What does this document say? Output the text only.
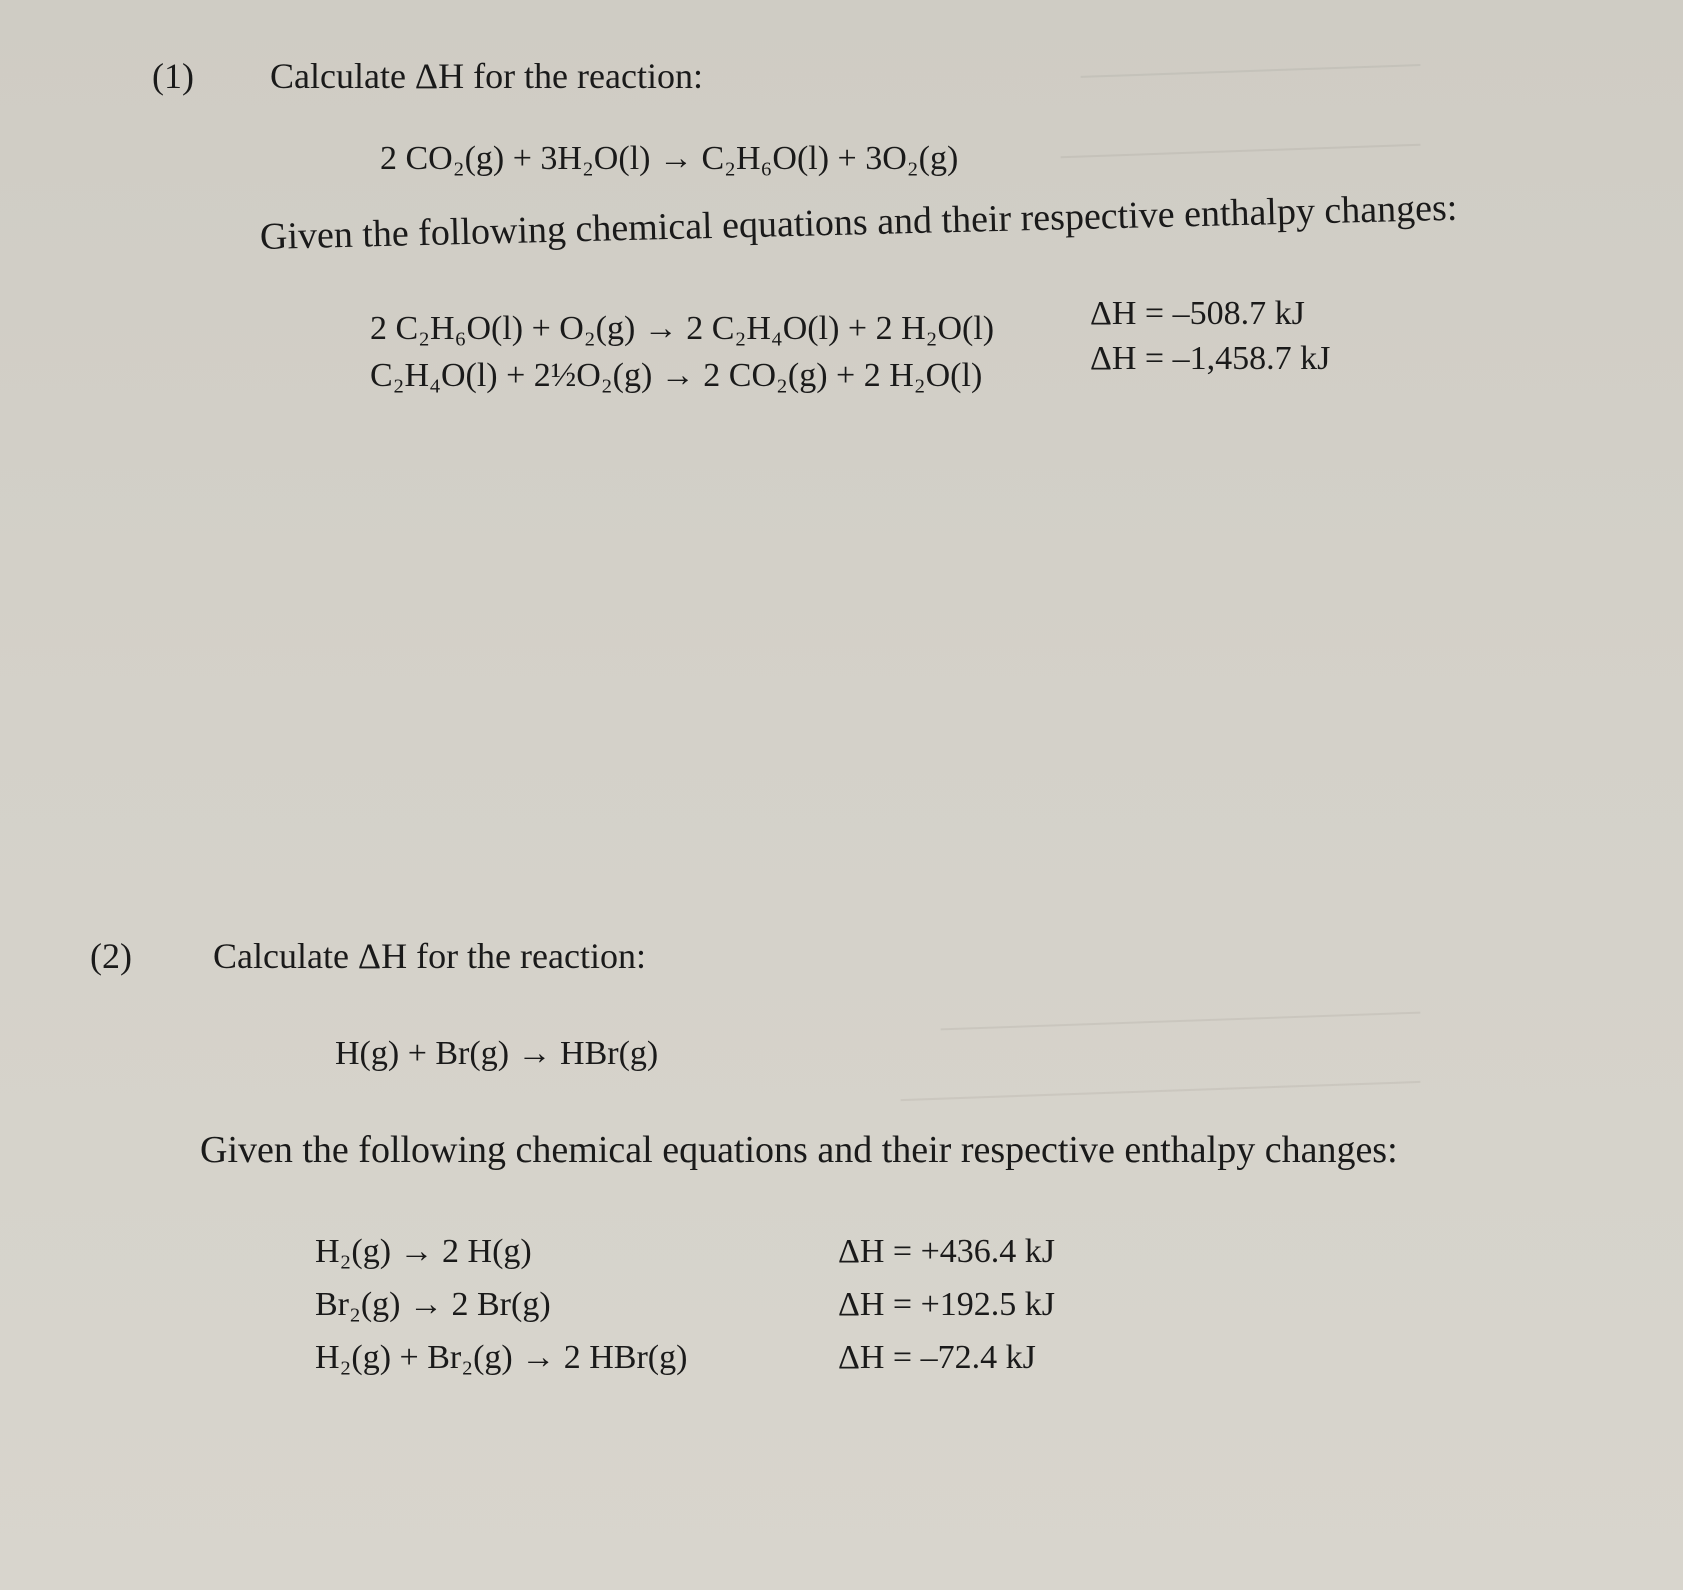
(1) Calculate ΔH for the reaction:
2 CO₂(g) + 3H₂O(l) → C₂H₆O(l) + 3O₂(g)
Given the following chemical equations and their respective enthalpy changes:
2 C₂H₆O(l) + O₂(g) → 2 C₂H₄O(l) + 2 H₂O(l)	ΔH = –508.7 kJ
C₂H₄O(l) + 2½O₂(g) → 2 CO₂(g) + 2 H₂O(l)	ΔH = –1,458.7 kJ
(2) Calculate ΔH for the reaction:
H(g) + Br(g) → HBr(g)
Given the following chemical equations and their respective enthalpy changes:
H₂(g) → 2 H(g)	ΔH = +436.4 kJ
Br₂(g) → 2 Br(g)	ΔH = +192.5 kJ
H₂(g) + Br₂(g) → 2 HBr(g)	ΔH = –72.4 kJ
